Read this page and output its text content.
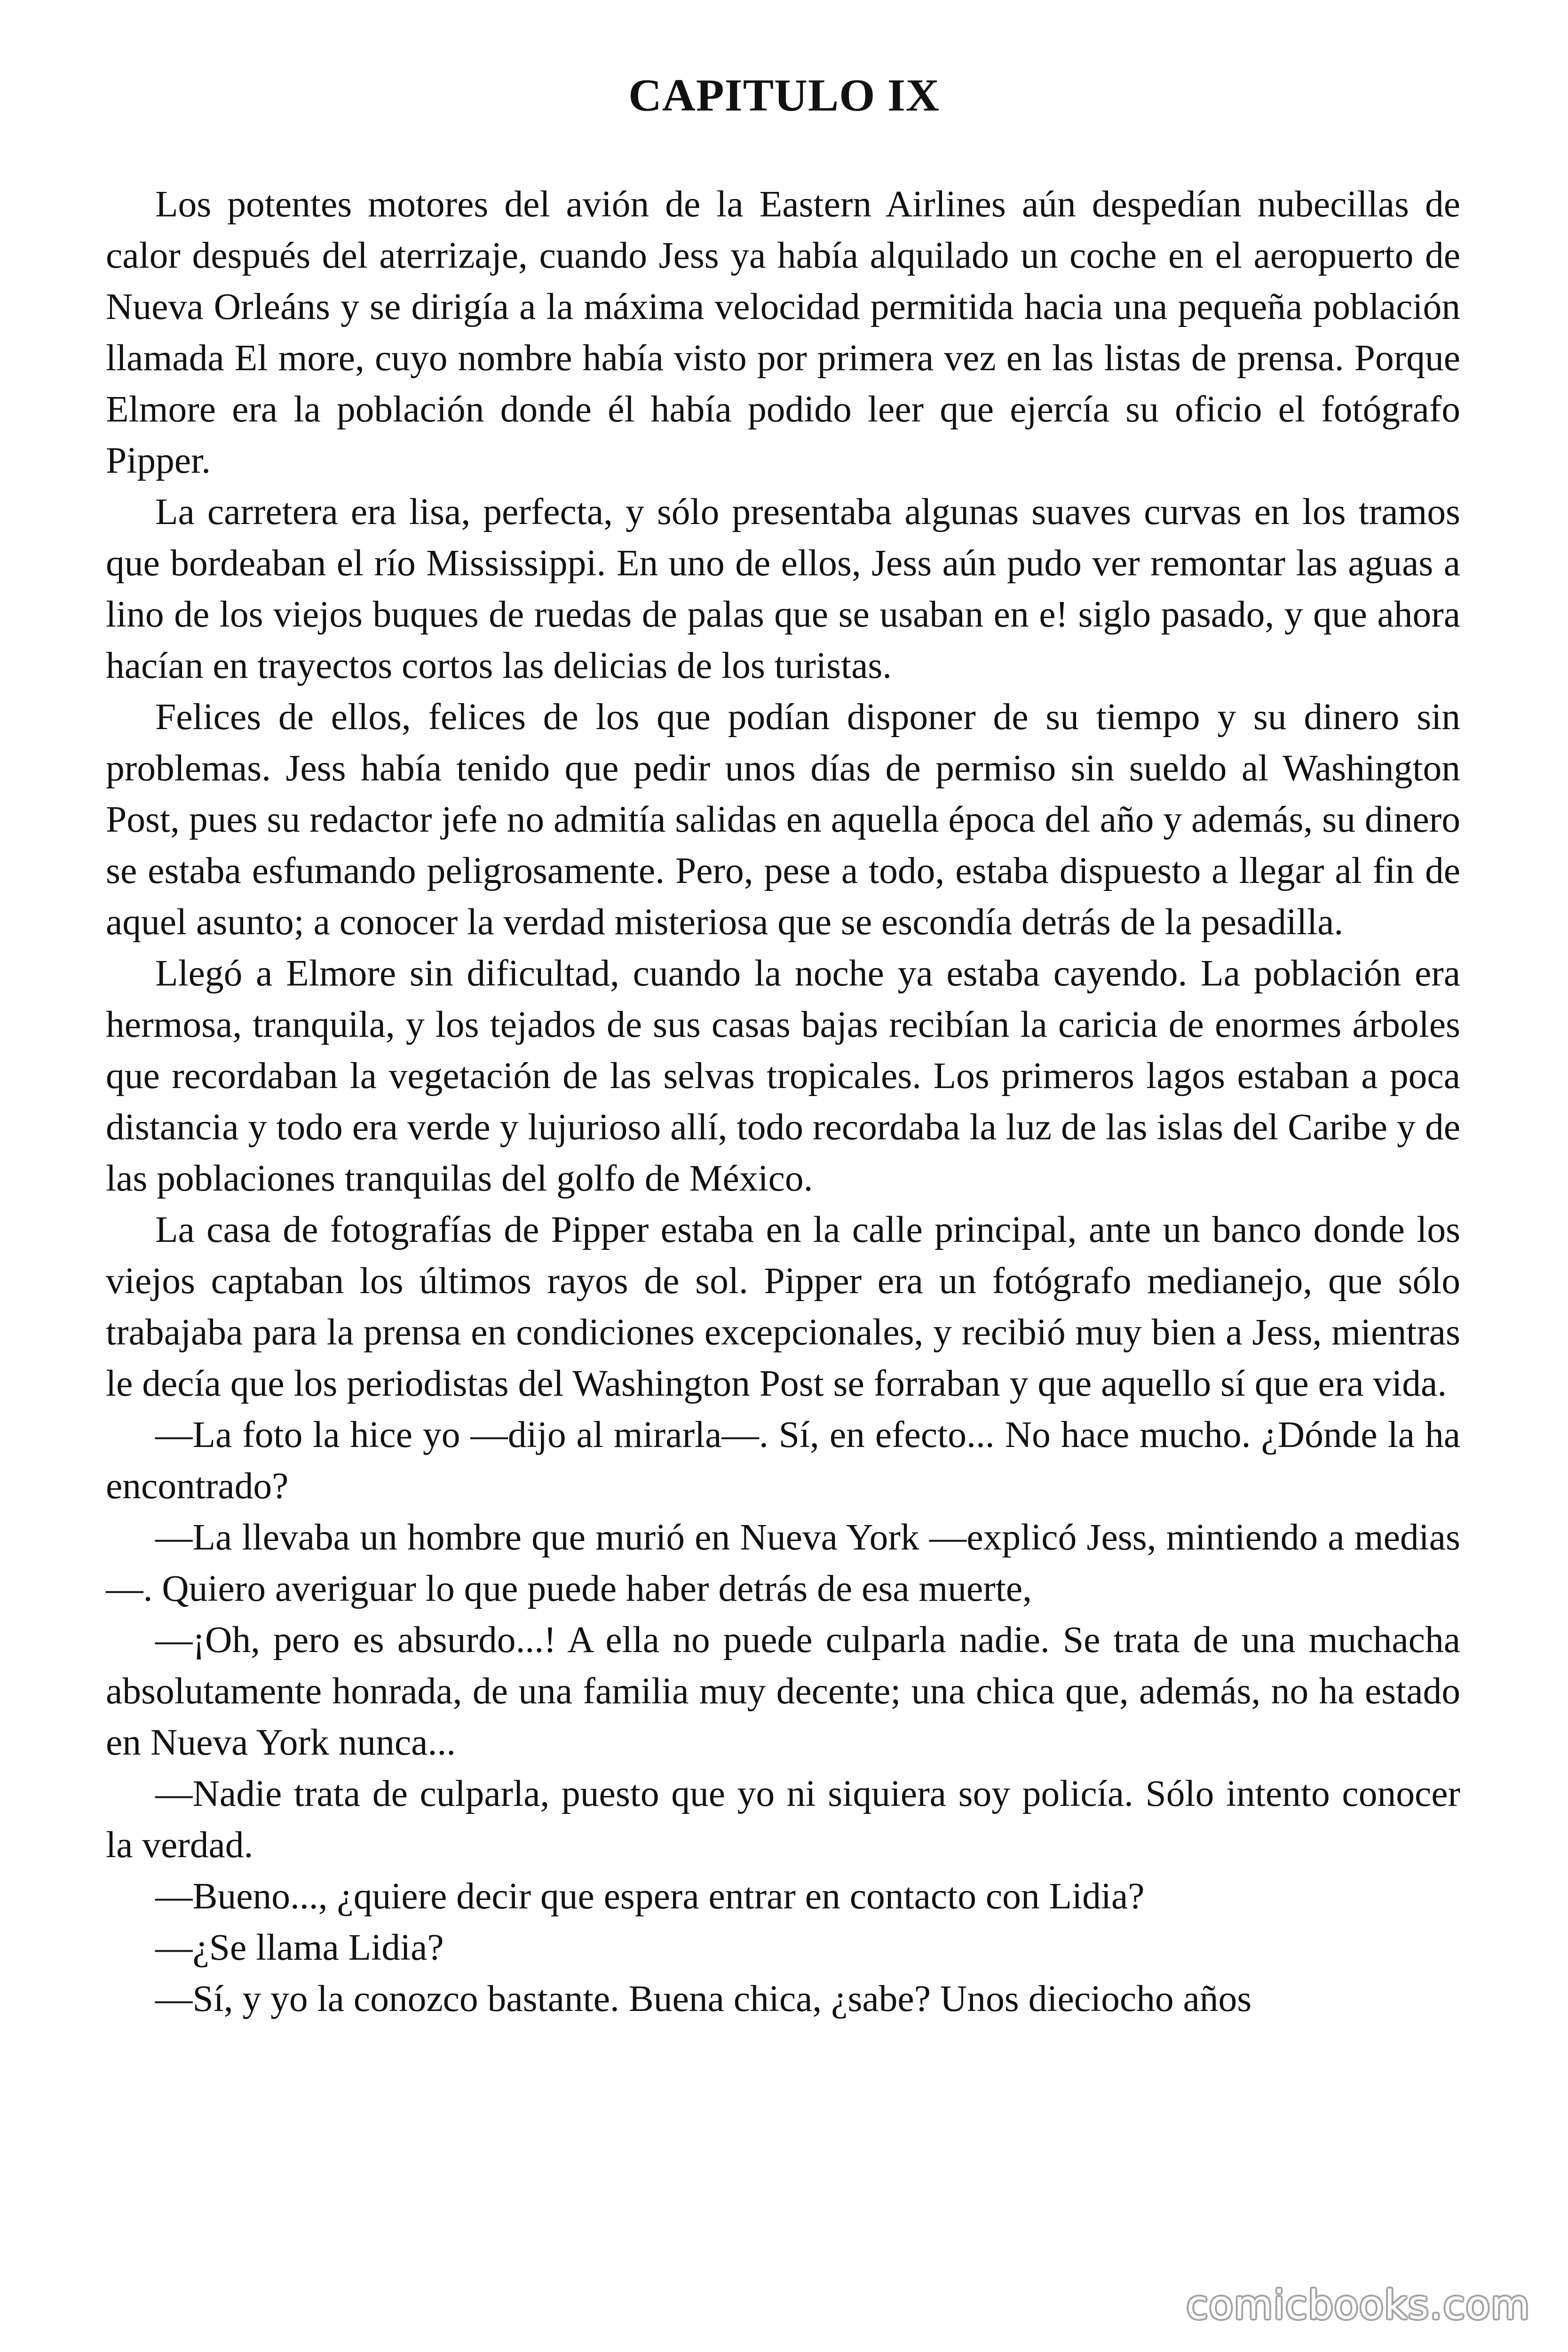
CAPITULO IX

Los potentes motores del avión de la Eastern Airlines aún despedían nubecillas de calor después del aterrizaje, cuando Jess ya había alquilado un coche en el aeropuerto de Nueva Orleáns y se dirigía a la máxima velocidad permitida hacia una pequeña población llamada El more, cuyo nombre había visto por primera vez en las listas de prensa. Porque Elmore era la población donde él había podido leer que ejercía su oficio el fotógrafo Pipper.

La carretera era lisa, perfecta, y sólo presentaba algunas suaves curvas en los tramos que bordeaban el río Mississippi. En uno de ellos, Jess aún pudo ver remontar las aguas a lino de los viejos buques de ruedas de palas que se usaban en e! siglo pasado, y que ahora hacían en trayectos cortos las delicias de los turistas.

Felices de ellos, felices de los que podían disponer de su tiempo y su dinero sin problemas. Jess había tenido que pedir unos días de permiso sin sueldo al Washington Post, pues su redactor jefe no admitía salidas en aquella época del año y además, su dinero se estaba esfumando peligrosamente. Pero, pese a todo, estaba dispuesto a llegar al fin de aquel asunto; a conocer la verdad misteriosa que se escondía detrás de la pesadilla.

Llegó a Elmore sin dificultad, cuando la noche ya estaba cayendo. La población era hermosa, tranquila, y los tejados de sus casas bajas recibían la caricia de enormes árboles que recordaban la vegetación de las selvas tropicales. Los primeros lagos estaban a poca distancia y todo era verde y lujurioso allí, todo recordaba la luz de las islas del Caribe y de las poblaciones tranquilas del golfo de México.

La casa de fotografías de Pipper estaba en la calle principal, ante un banco donde los viejos captaban los últimos rayos de sol. Pipper era un fotógrafo medianejo, que sólo trabajaba para la prensa en condiciones excepcionales, y recibió muy bien a Jess, mientras le decía que los periodistas del Washington Post se forraban y que aquello sí que era vida.

—La foto la hice yo —dijo al mirarla—. Sí, en efecto... No hace mucho. ¿Dónde la ha encontrado?

—La llevaba un hombre que murió en Nueva York —explicó Jess, mintiendo a medias—. Quiero averiguar lo que puede haber detrás de esa muerte,

—¡Oh, pero es absurdo...! A ella no puede culparla nadie. Se trata de una muchacha absolutamente honrada, de una familia muy decente; una chica que, además, no ha estado en Nueva York nunca...

—Nadie trata de culparla, puesto que yo ni siquiera soy policía. Sólo intento conocer la verdad.

—Bueno..., ¿quiere decir que espera entrar en contacto con Lidia?

—¿Se llama Lidia?

—Sí, y yo la conozco bastante. Buena chica, ¿sabe? Unos dieciocho años

comicbooks.com
